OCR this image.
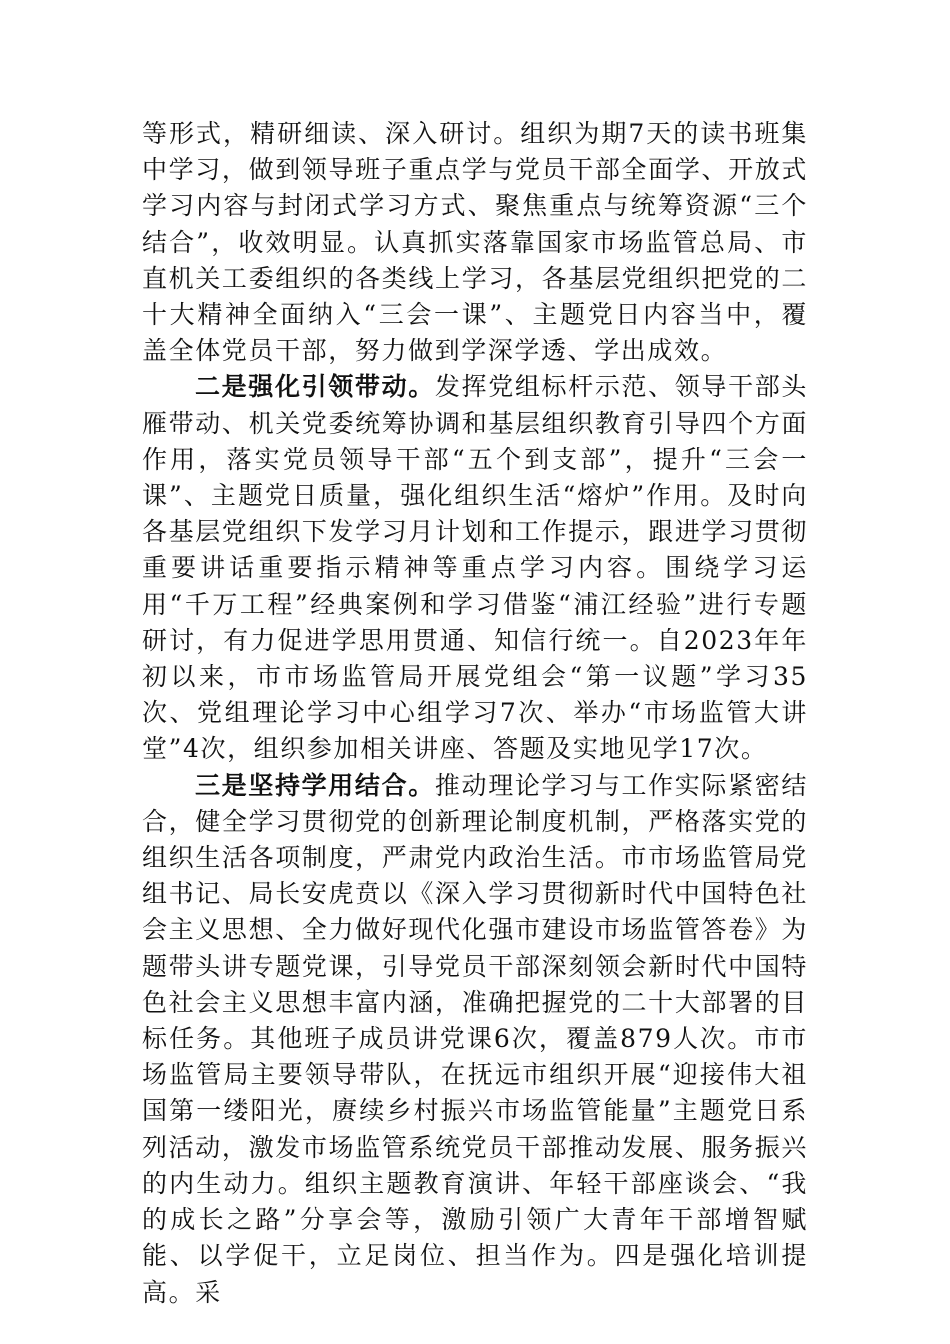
等形式，精研细读、深入研讨。组织为期7天的读书班集中学习，做到领导班子重点学与党员干部全面学、开放式学习内容与封闭式学习方式、聚焦重点与统筹资源“三个结合”，收效明显。认真抓实落靠国家市场监管总局、市直机关工委组织的各类线上学习，各基层党组织把党的二十大精神全面纳入“三会一课”、主题党日内容当中，覆盖全体党员干部，努力做到学深学透、学出成效。

二是强化引领带动。发挥党组标杆示范、领导干部头雁带动、机关党委统筹协调和基层组织教育引导四个方面作用，落实党员领导干部“五个到支部”，提升“三会一课”、主题党日质量，强化组织生活“熔炉”作用。及时向各基层党组织下发学习月计划和工作提示，跟进学习贯彻重要讲话重要指示精神等重点学习内容。围绕学习运用“千万工程”经典案例和学习借鉴“浦江经验”进行专题研讨，有力促进学思用贯通、知信行统一。自2023年年初以来，市市场监管局开展党组会“第一议题”学习35次、党组理论学习中心组学习7次、举办“市场监管大讲堂”4次，组织参加相关讲座、答题及实地见学17次。

三是坚持学用结合。推动理论学习与工作实际紧密结合，健全学习贯彻党的创新理论制度机制，严格落实党的组织生活各项制度，严肃党内政治生活。市市场监管局党组书记、局长安虎贲以《深入学习贯彻新时代中国特色社会主义思想、全力做好现代化强市建设市场监管答卷》为题带头讲专题党课，引导党员干部深刻领会新时代中国特色社会主义思想丰富内涵，准确把握党的二十大部署的目标任务。其他班子成员讲党课6次，覆盖879人次。市市场监管局主要领导带队，在抚远市组织开展“迎接伟大祖国第一缕阳光，赓续乡村振兴市场监管能量”主题党日系列活动，激发市场监管系统党员干部推动发展、服务振兴的内生动力。组织主题教育演讲、年轻干部座谈会、“我的成长之路”分享会等，激励引领广大青年干部增智赋能、以学促干，立足岗位、担当作为。四是强化培训提高。采
